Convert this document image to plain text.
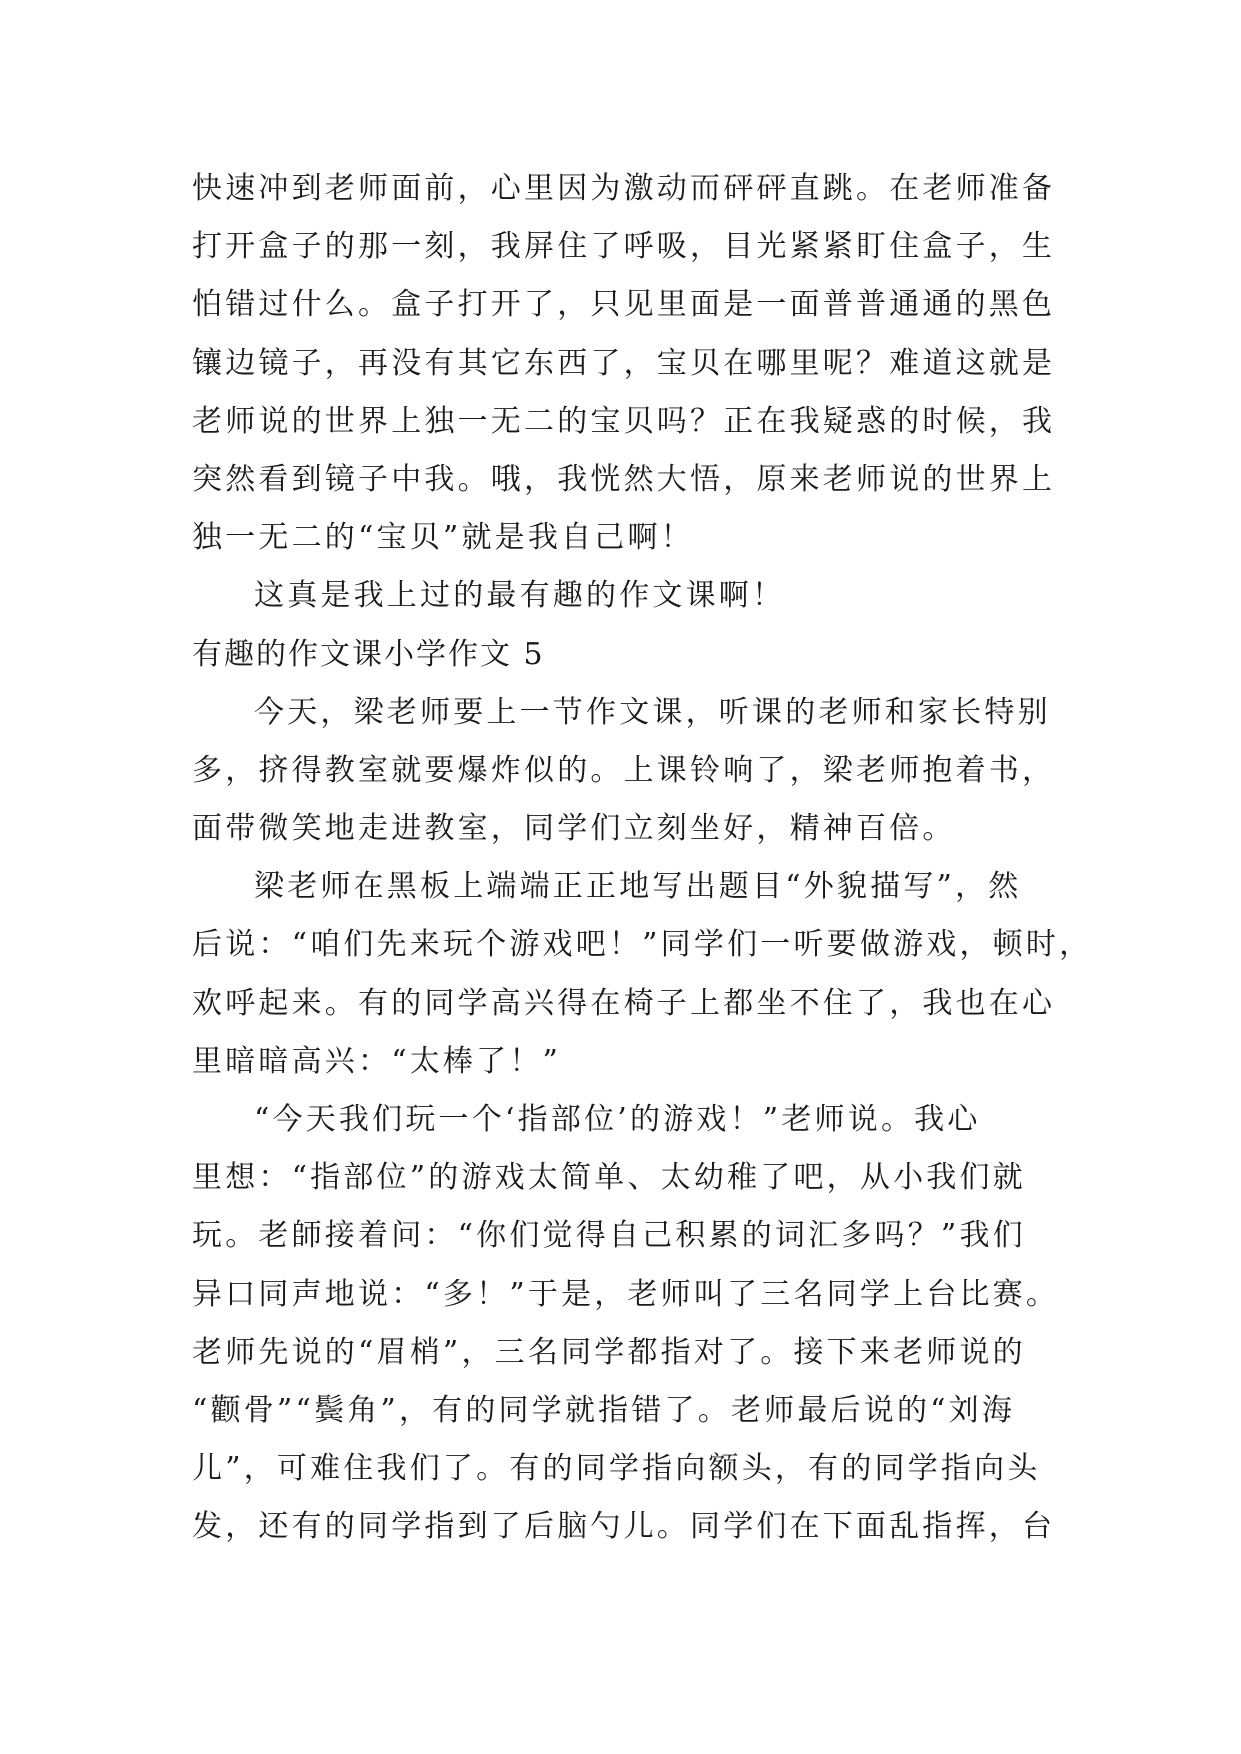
快速冲到老师面前，心里因为激动而砰砰直跳。在老师准备
打开盒子的那一刻，我屏住了呼吸，目光紧紧盯住盒子，生
怕错过什么。盒子打开了，只见里面是一面普普通通的黑色
镶边镜子，再没有其它东西了，宝贝在哪里呢？难道这就是
老师说的世界上独一无二的宝贝吗？正在我疑惑的时候，我
突然看到镜子中我。哦，我恍然大悟，原来老师说的世界上
独一无二的“宝贝”就是我自己啊！
这真是我上过的最有趣的作文课啊！
有趣的作文课小学作文 5
今天，梁老师要上一节作文课，听课的老师和家长特别
多，挤得教室就要爆炸似的。上课铃响了，梁老师抱着书，
面带微笑地走进教室，同学们立刻坐好，精神百倍。
梁老师在黑板上端端正正地写出题目“外貌描写”，然
后说：“咱们先来玩个游戏吧！”同学们一听要做游戏，顿时，
欢呼起来。有的同学高兴得在椅子上都坐不住了，我也在心
里暗暗高兴：“太棒了！”
“今天我们玩一个‘指部位’的游戏！”老师说。我心
里想：“指部位”的游戏太简单、太幼稚了吧，从小我们就
玩。老師接着问：“你们觉得自己积累的词汇多吗？”我们
异口同声地说：“多！”于是，老师叫了三名同学上台比赛。
老师先说的“眉梢”，三名同学都指对了。接下来老师说的
“颧骨”“鬓角”，有的同学就指错了。老师最后说的“刘海
儿”，可难住我们了。有的同学指向额头，有的同学指向头
发，还有的同学指到了后脑勺儿。同学们在下面乱指挥，台
